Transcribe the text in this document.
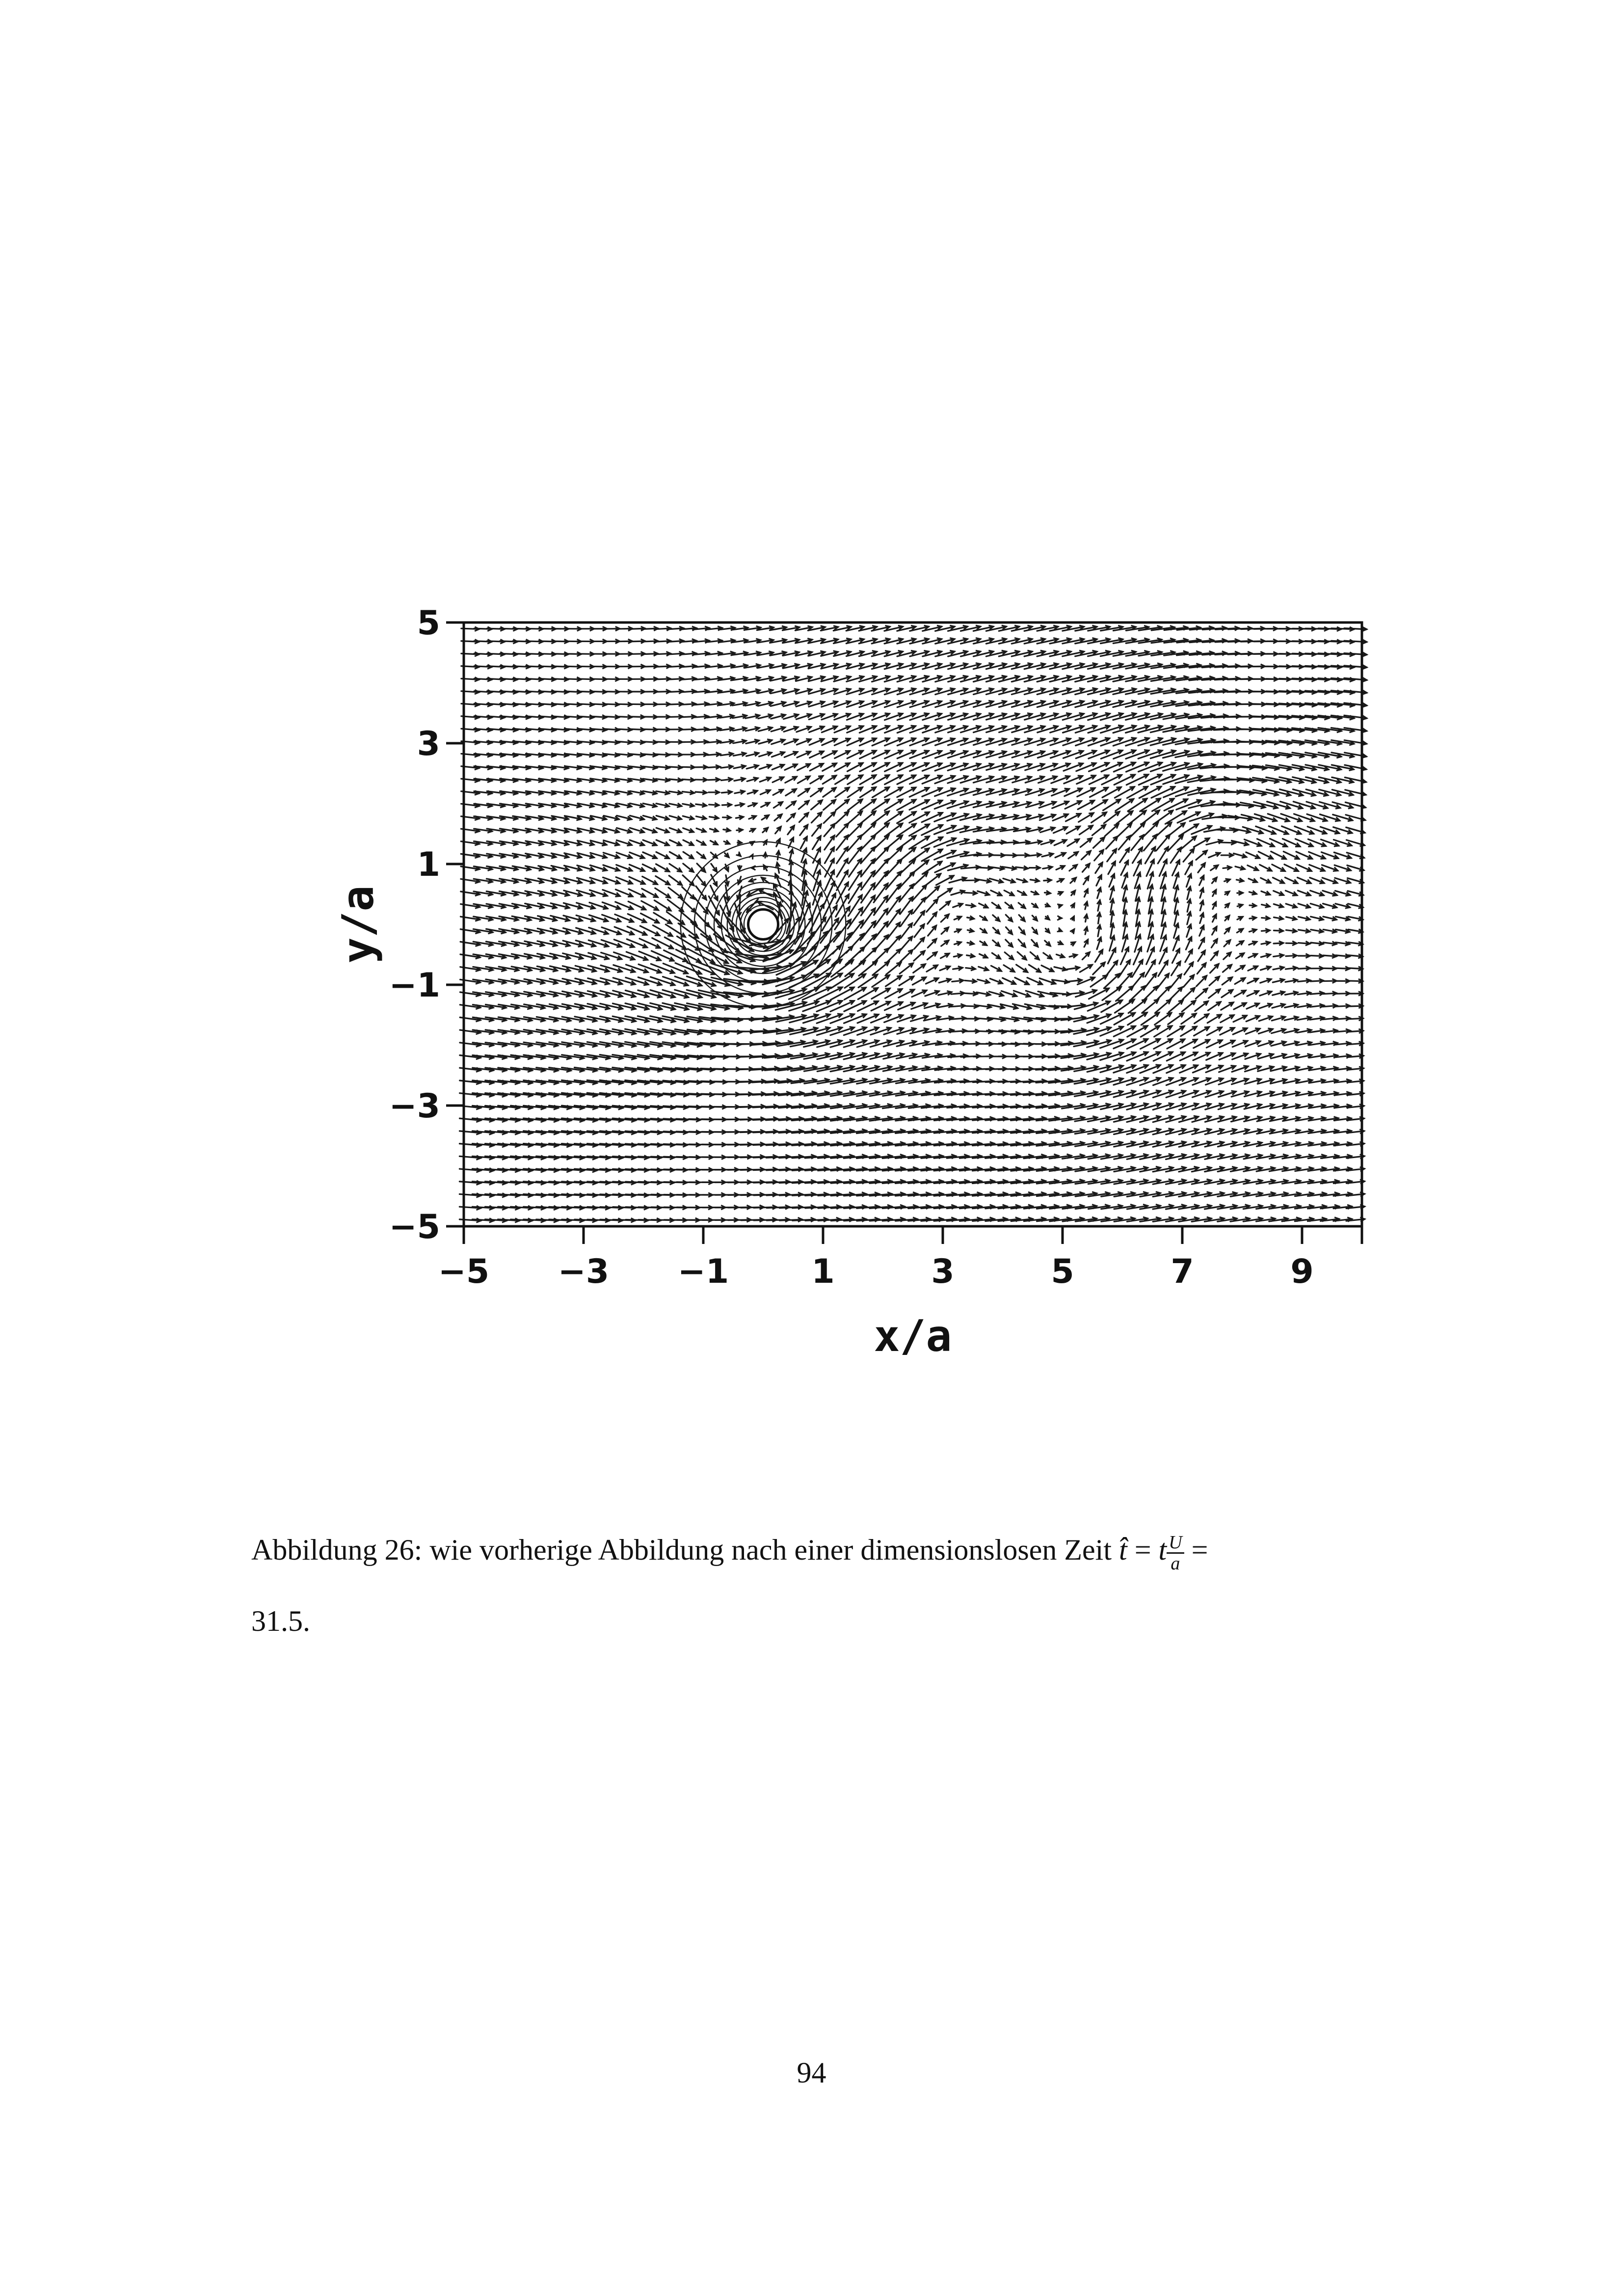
−5 −3 −1 1	3	5	7	9
5
3
1
−1
−3
−5
x/a
y/a
Abbildung 26: wie vorherige Abbildung nach einer dimensionslosen Zeit t̂ = t $\frac{U}{a}$ =
31.5.
94
